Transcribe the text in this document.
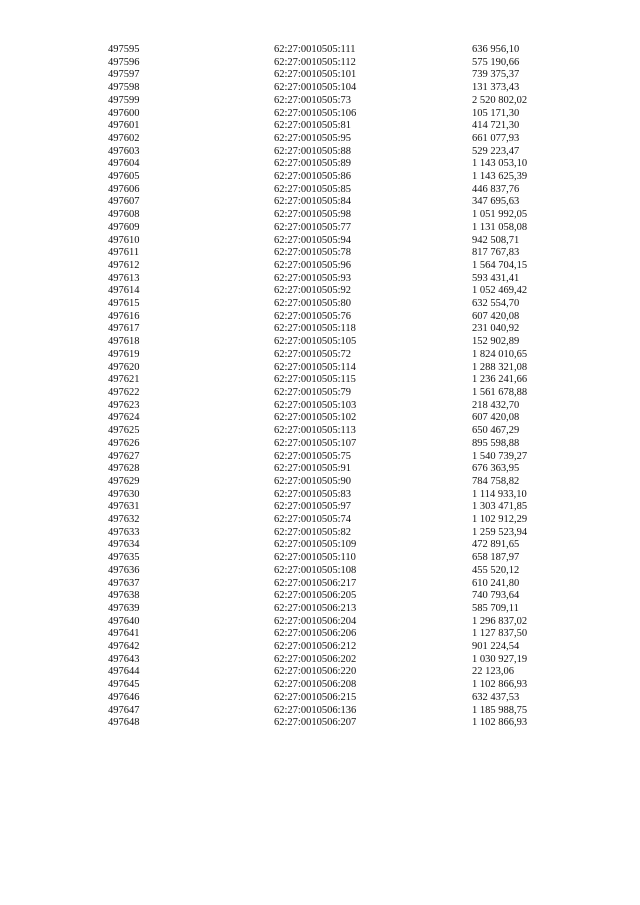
497595	62:27:0010505:111	636 956,10
497596	62:27:0010505:112	575 190,66
497597	62:27:0010505:101	739 375,37
497598	62:27:0010505:104	131 373,43
497599	62:27:0010505:73	2 520 802,02
497600	62:27:0010505:106	105 171,30
497601	62:27:0010505:81	414 721,30
497602	62:27:0010505:95	661 077,93
497603	62:27:0010505:88	529 223,47
497604	62:27:0010505:89	1 143 053,10
497605	62:27:0010505:86	1 143 625,39
497606	62:27:0010505:85	446 837,76
497607	62:27:0010505:84	347 695,63
497608	62:27:0010505:98	1 051 992,05
497609	62:27:0010505:77	1 131 058,08
497610	62:27:0010505:94	942 508,71
497611	62:27:0010505:78	817 767,83
497612	62:27:0010505:96	1 564 704,15
497613	62:27:0010505:93	593 431,41
497614	62:27:0010505:92	1 052 469,42
497615	62:27:0010505:80	632 554,70
497616	62:27:0010505:76	607 420,08
497617	62:27:0010505:118	231 040,92
497618	62:27:0010505:105	152 902,89
497619	62:27:0010505:72	1 824 010,65
497620	62:27:0010505:114	1 288 321,08
497621	62:27:0010505:115	1 236 241,66
497622	62:27:0010505:79	1 561 678,88
497623	62:27:0010505:103	218 432,70
497624	62:27:0010505:102	607 420,08
497625	62:27:0010505:113	650 467,29
497626	62:27:0010505:107	895 598,88
497627	62:27:0010505:75	1 540 739,27
497628	62:27:0010505:91	676 363,95
497629	62:27:0010505:90	784 758,82
497630	62:27:0010505:83	1 114 933,10
497631	62:27:0010505:97	1 303 471,85
497632	62:27:0010505:74	1 102 912,29
497633	62:27:0010505:82	1 259 523,94
497634	62:27:0010505:109	472 891,65
497635	62:27:0010505:110	658 187,97
497636	62:27:0010505:108	455 520,12
497637	62:27:0010506:217	610 241,80
497638	62:27:0010506:205	740 793,64
497639	62:27:0010506:213	585 709,11
497640	62:27:0010506:204	1 296 837,02
497641	62:27:0010506:206	1 127 837,50
497642	62:27:0010506:212	901 224,54
497643	62:27:0010506:202	1 030 927,19
497644	62:27:0010506:220	22 123,06
497645	62:27:0010506:208	1 102 866,93
497646	62:27:0010506:215	632 437,53
497647	62:27:0010506:136	1 185 988,75
497648	62:27:0010506:207	1 102 866,93
